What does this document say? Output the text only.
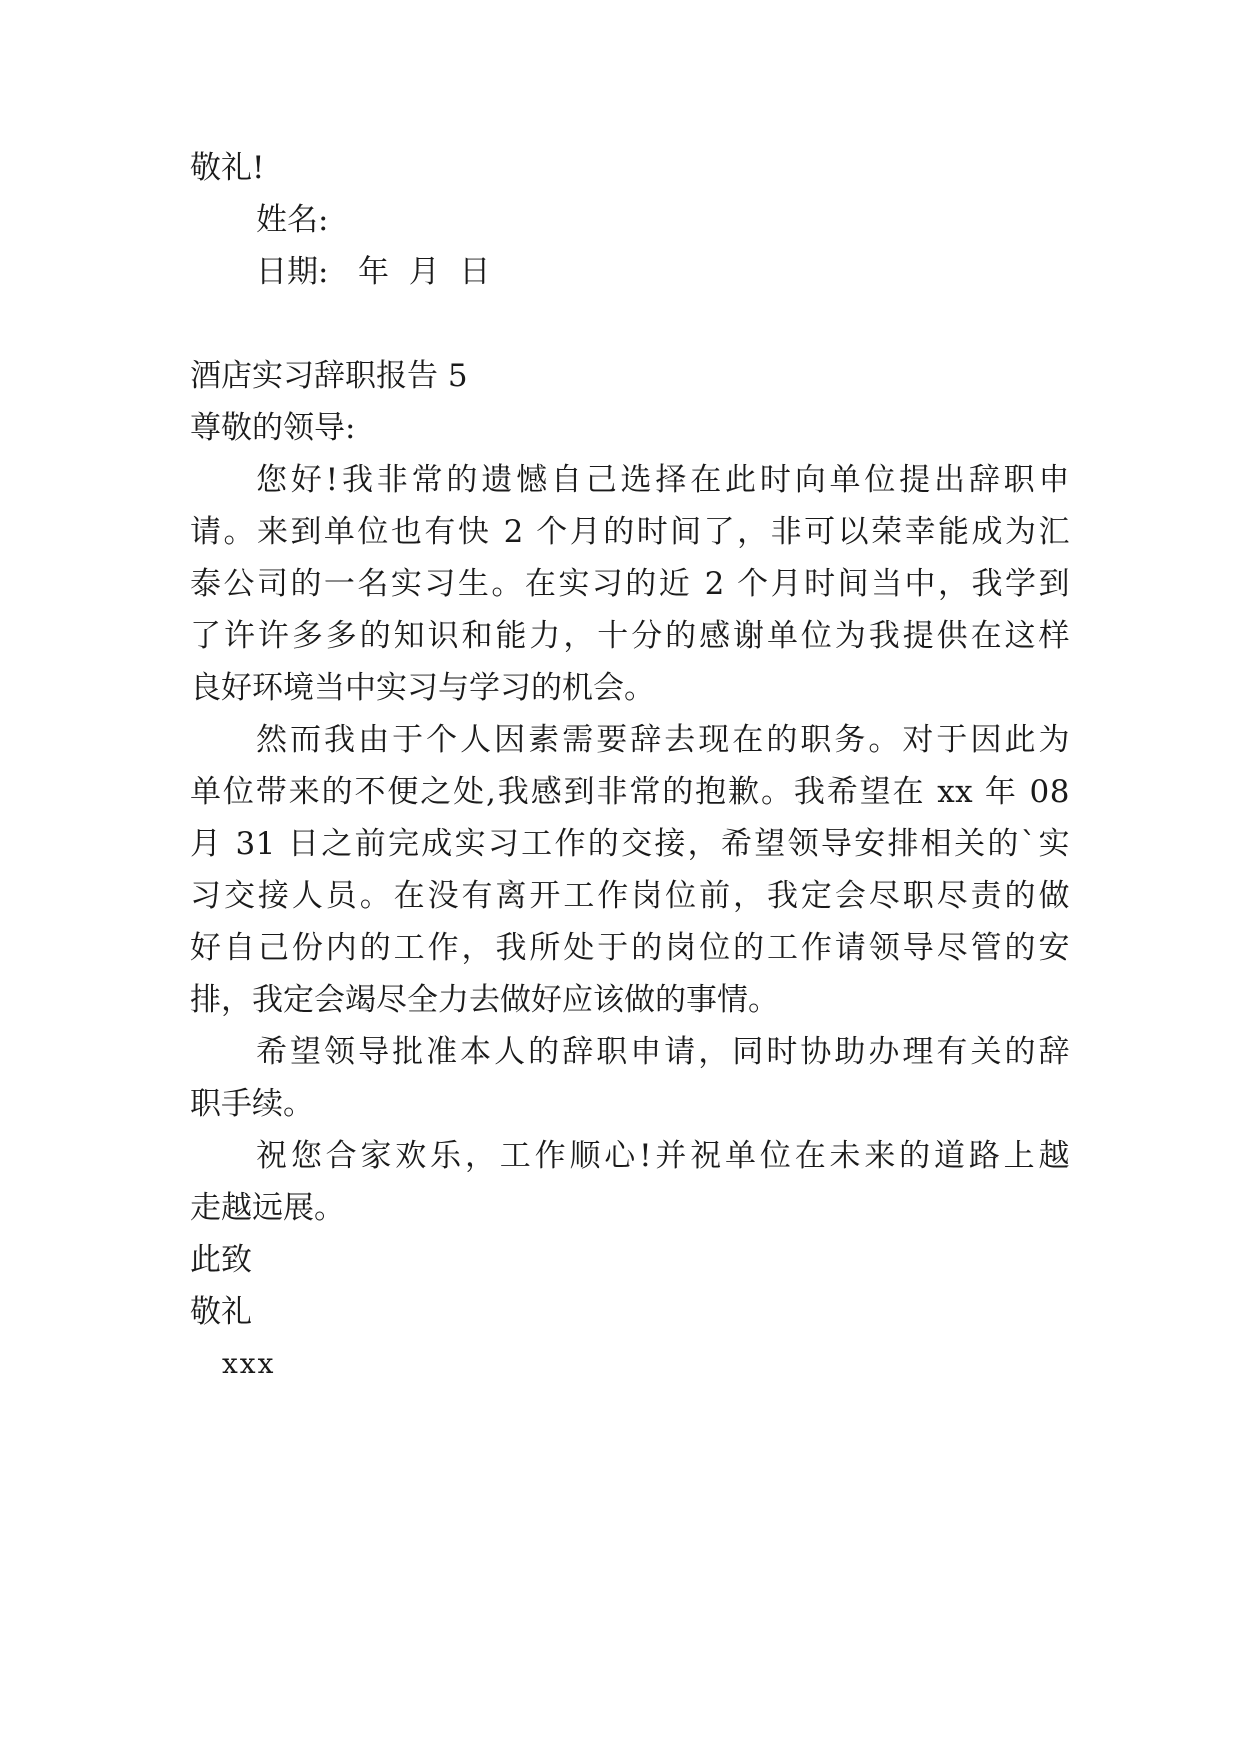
敬礼!
姓名:
日期:   年  月  日
酒店实习辞职报告 5
尊敬的领导:
您好!我非常的遗憾自己选择在此时向单位提出辞职申
请。来到单位也有快 2 个月的时间了，非可以荣幸能成为汇
泰公司的一名实习生。在实习的近 2 个月时间当中，我学到
了许许多多的知识和能力，十分的感谢单位为我提供在这样
良好环境当中实习与学习的机会。
然而我由于个人因素需要辞去现在的职务。对于因此为
单位带来的不便之处,我感到非常的抱歉。我希望在 xx 年 08
月 31 日之前完成实习工作的交接，希望领导安排相关的`实
习交接人员。在没有离开工作岗位前，我定会尽职尽责的做
好自己份内的工作，我所处于的岗位的工作请领导尽管的安
排，我定会竭尽全力去做好应该做的事情。
希望领导批准本人的辞职申请，同时协助办理有关的辞
职手续。
祝您合家欢乐，工作顺心!并祝单位在未来的道路上越
走越远展。
此致
敬礼
xxx
